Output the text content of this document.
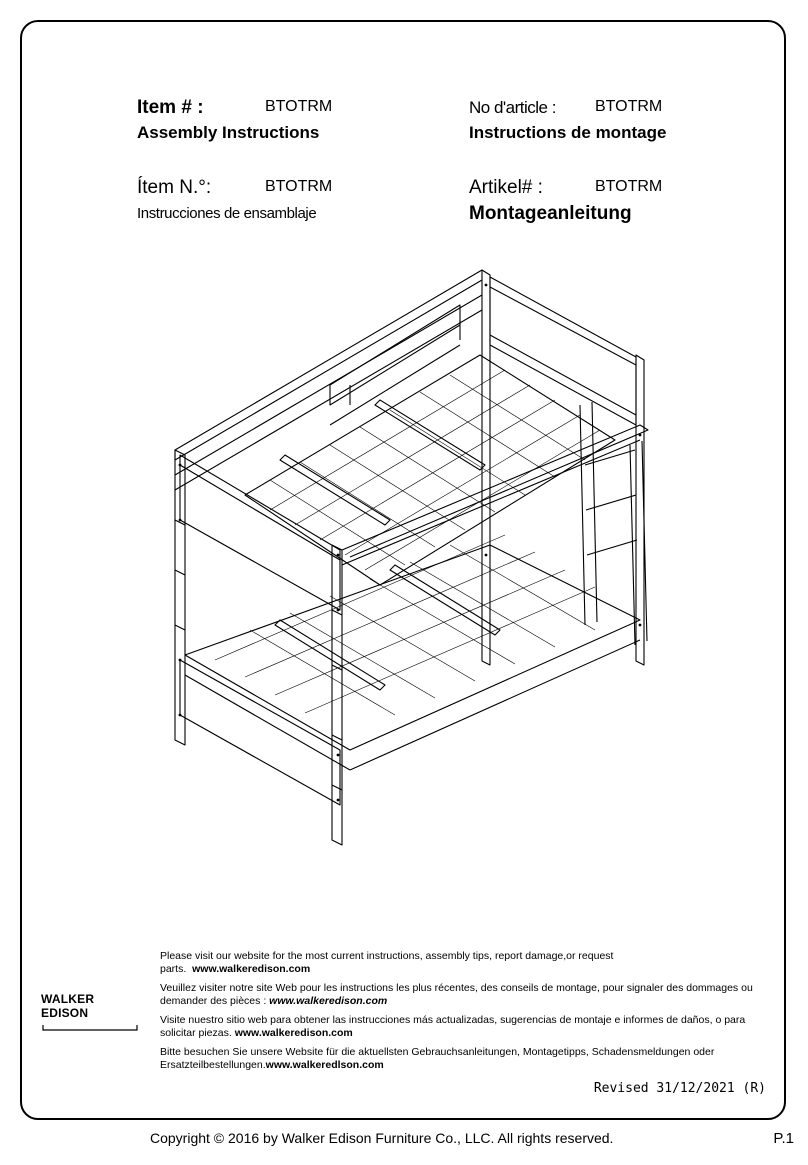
Item # :	BTOTRM
Assembly Instructions
No d'article : BTOTRM
Instructions de montage
Ítem N.°:	BTOTRM
Instrucciones de ensamblaje
Artikel# :	BTOTRM
Montageanleitung

Please visit our website for the most current instructions, assembly tips, report damage,or request parts. www.walkeredison.com

Veuillez visiter notre site Web pour les instructions les plus récentes, des conseils de montage, pour signaler des dommages ou demander des pièces : www.walkeredison.com

Visite nuestro sitio web para obtener las instrucciones más actualizadas, sugerencias de montaje e informes de daños, o para solicitar piezas. www.walkeredison.com

Bitte besuchen Sie unsere Website für die aktuellsten Gebrauchsanleitungen, Montagetipps, Schadensmeldungen oder Ersatzteilbestellungen.www.walkeredlson.com

WALKER EDISON
Revised 31/12/2021 (R)
Copyright © 2016 by Walker Edison Furniture Co., LLC. All rights reserved.	P.1
